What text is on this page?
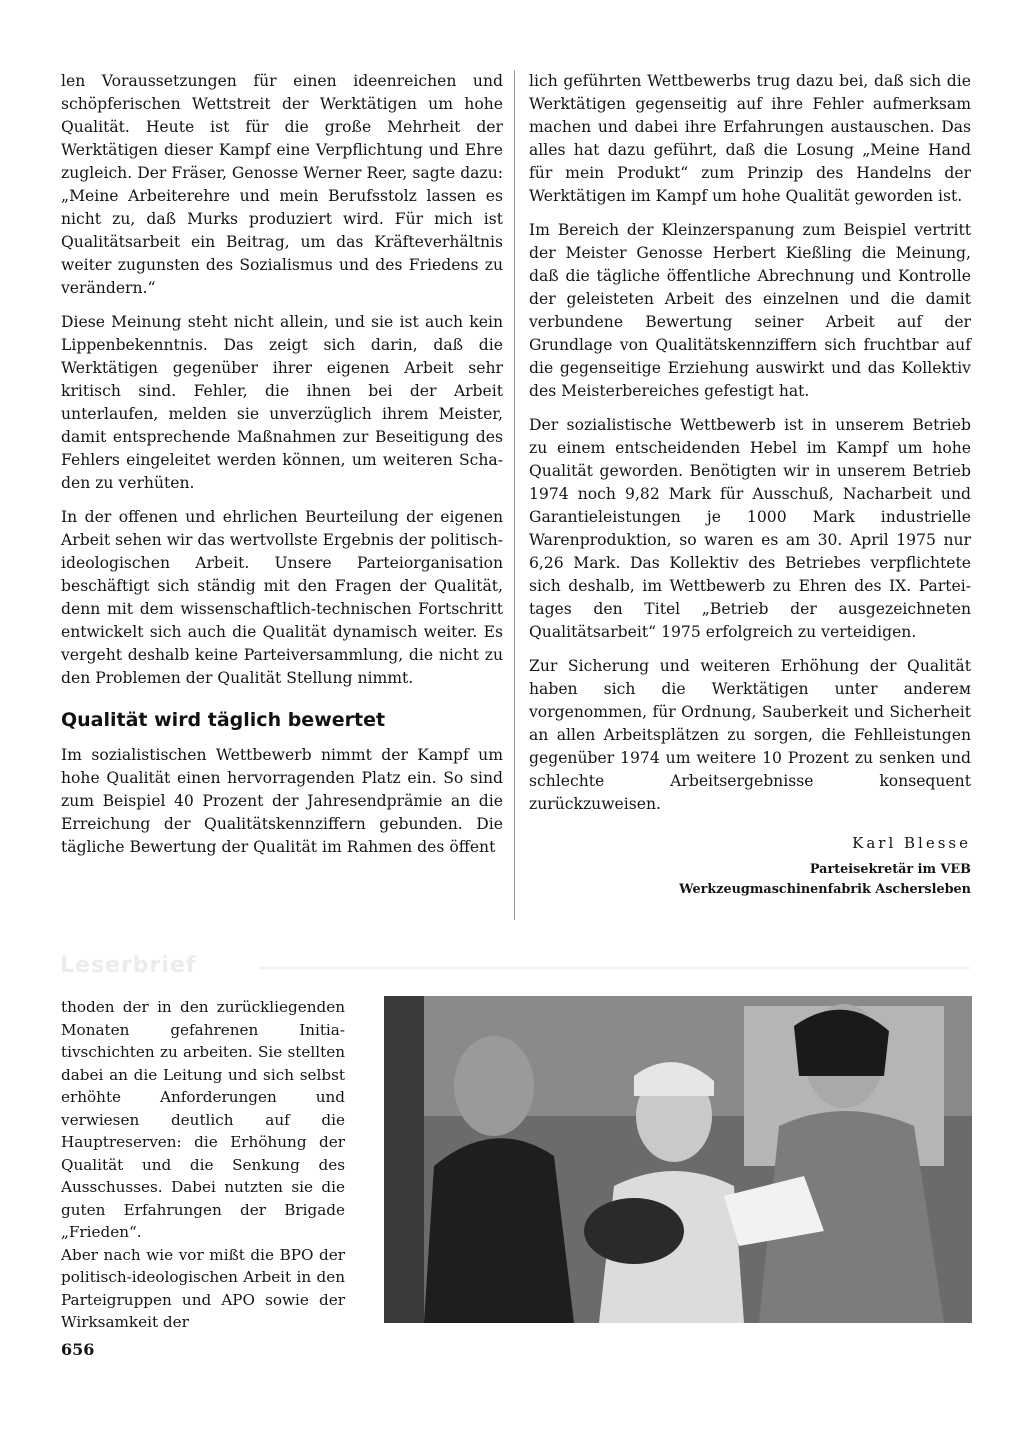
len Voraussetzungen für einen ideenreichen und schöpferischen Wettstreit der Werktätigen um hohe Qualität. Heute ist für die große Mehrheit der Werktätigen dieser Kampf eine Verpflichtung und Ehre zugleich. Der Fräser, Genosse Werner Reer, sagte dazu: „Meine Arbeiterehre und mein Berufsstolz lassen es nicht zu, daß Murks produziert wird. Für mich ist Qualitätsarbeit ein Beitrag, um das Kräfteverhältnis weiter zugunsten des Sozialismus und des Friedens zu verändern.“

Diese Meinung steht nicht allein, und sie ist auch kein Lippenbekenntnis. Das zeigt sich darin, daß die Werktätigen gegenüber ihrer eigenen Arbeit sehr kritisch sind. Fehler, die ihnen bei der Arbeit unterlaufen, melden sie unverzüglich ihrem Meister, damit entsprechende Maßnahmen zur Beseitigung des Fehlers eingeleitet werden können, um weiteren Schaden zu verhüten.

In der offenen und ehrlichen Beurteilung der eigenen Arbeit sehen wir das wertvollste Ergebnis der politisch-ideologischen Arbeit. Unsere Parteiorganisation beschäftigt sich ständig mit den Fragen der Qualität, denn mit dem wissenschaftlich-technischen Fortschritt entwickelt sich auch die Qualität dynamisch weiter. Es vergeht deshalb keine Parteiversammlung, die nicht zu den Problemen der Qualität Stellung nimmt.

Qualität wird täglich bewertet

Im sozialistischen Wettbewerb nimmt der Kampf um hohe Qualität einen hervorragenden Platz ein. So sind zum Beispiel 40 Prozent der Jahresendprämie an die Erreichung der Qualitätskennziffern gebunden. Die tägliche Bewertung der Qualität im Rahmen des öffent

lich geführten Wettbewerbs trug dazu bei, daß sich die Werktätigen gegenseitig auf ihre Fehler aufmerksam machen und dabei ihre Erfahrungen austauschen. Das alles hat dazu geführt, daß die Losung „Meine Hand für mein Produkt“ zum Prinzip des Handelns der Werktätigen im Kampf um hohe Qualität geworden ist.

Im Bereich der Kleinzerspanung zum Beispiel vertritt der Meister Genosse Herbert Kießling die Meinung, daß die tägliche öffentliche Abrechnung und Kontrolle der geleisteten Arbeit des einzelnen und die damit verbundene Bewertung seiner Arbeit auf der Grundlage von Qualitätskennziffern sich fruchtbar auf die gegenseitige Erziehung auswirkt und das Kollektiv des Meisterbereiches gefestigt hat.

Der sozialistische Wettbewerb ist in unserem Betrieb zu einem entscheidenden Hebel im Kampf um hohe Qualität geworden. Benötigten wir in unserem Betrieb 1974 noch 9,82 Mark für Ausschuß, Nacharbeit und Garantieleistungen je 1000 Mark industrielle Warenproduktion, so waren es am 30. April 1975 nur 6,26 Mark. Das Kollektiv des Betriebes verpflichtete sich deshalb, im Wettbewerb zu Ehren des IX. Parteitages den Titel „Betrieb der ausgezeichneten Qualitätsarbeit“ 1975 erfolgreich zu verteidigen.

Zur Sicherung und weiteren Erhöhung der Qualität haben sich die Werktätigen unter andereм vorgenommen, für Ordnung, Sauberkeit und Sicherheit an allen Arbeitsplätzen zu sorgen, die Fehlleistungen gegenüber 1974 um weitere 10 Prozent zu senken und schlechte Arbeitsergebnisse konsequent zurückzuweisen.

Karl Blesse
Parteisekretär im VEB
Werkzeugmaschinenfabrik Aschersleben
Leserbrief

thoden der in den zurückliegenden Monaten gefahrenen Initiativschichten zu arbeiten. Sie stellten dabei an die Leitung und sich selbst erhöhte Anforderungen und verwiesen deutlich auf die Hauptreserven: die Erhöhung der Qualität und die Senkung des Ausschusses. Dabei nutzten sie die guten Erfahrungen der Brigade „Frieden“.

Aber nach wie vor mißt die BPO der politisch-ideologischen Arbeit in den Parteigruppen und APO sowie der Wirksamkeit der

656
